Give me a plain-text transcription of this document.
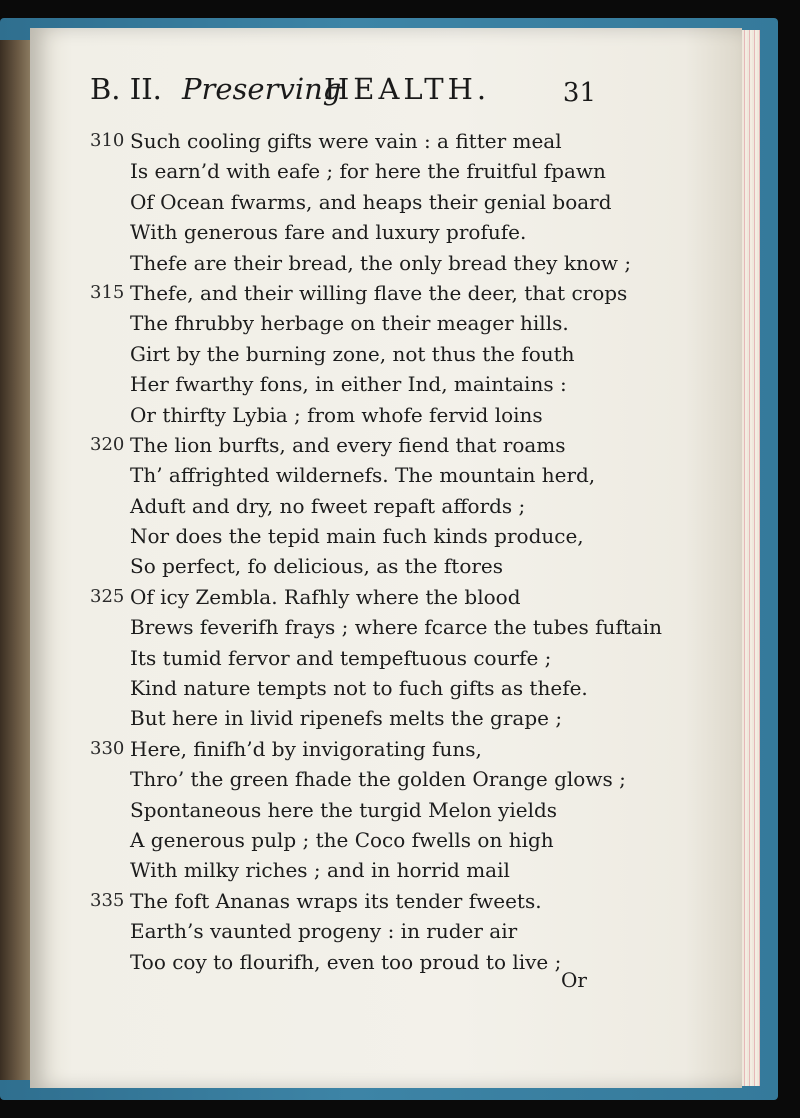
B. II. Preserving
HEALTH.	31
310 Such cooling gifts were vain : a fitter meal
Is earn’d with eafe ; for here the fruitful fpawn
Of Ocean fwarms, and heaps their genial board
With generous fare and luxury profufe.
Thefe are their bread, the only bread they know ;
315 Thefe, and their willing flave the deer, that crops
The fhrubby herbage on their meager hills.
Girt by the burning zone, not thus the fouth
Her fwarthy fons, in either Ind, maintains :
Or thirfty Lybia ; from whofe fervid loins
320 The lion burfts, and every fiend that roams
Th’ affrighted wildernefs. The mountain herd,
Aduft and dry, no fweet repaft affords ;
Nor does the tepid main fuch kinds produce,
So perfect, fo delicious, as the ftores
325 Of icy Zembla. Rafhly where the blood
Brews feverifh frays ; where fcarce the tubes fuftain
Its tumid fervor and tempeftuous courfe ;
Kind nature tempts not to fuch gifts as thefe.
But here in livid ripenefs melts the grape ;
330 Here, finifh’d by invigorating funs,
Thro’ the green fhade the golden Orange glows ;
Spontaneous here the turgid Melon yields
A generous pulp ; the Coco fwells on high
With milky riches ; and in horrid mail
335 The foft Ananas wraps its tender fweets.
Earth’s vaunted progeny : in ruder air
Too coy to flourifh, even too proud to live ;
Or
